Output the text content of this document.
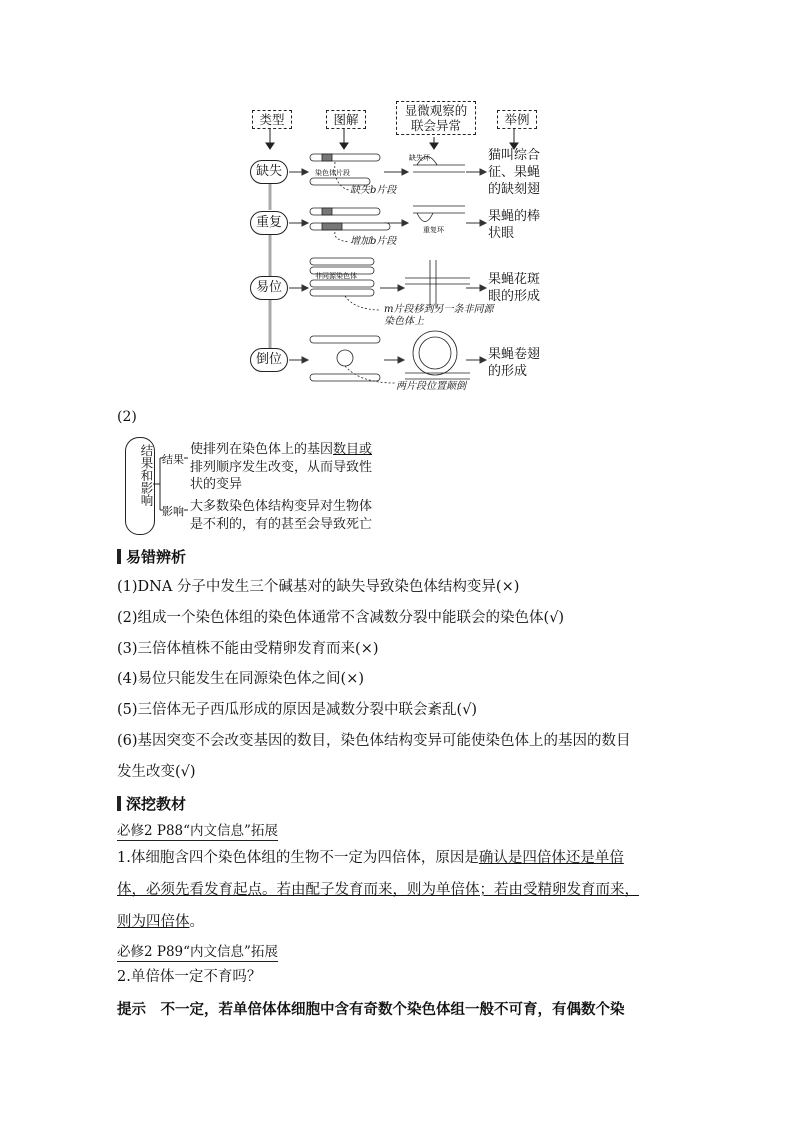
类型	图解
显微观察的联会异常	举例
缺失
重复
易位
倒位
缺失环
重复环
染色体片段
非同源染色体
缺失b片段
增加b片段
m片段移到另一条非同源染色体上
两片段位置颠倒
猫叫综合征、果蝇的缺刻翅
果蝇的棒状眼
果蝇花斑眼的形成
果蝇卷翅的形成
(2)
结果和影响 结果
影响
使排列在染色体上的基因数目或
排列顺序发生改变，从而导致性
状的变异
大多数染色体结构变异对生物体
是不利的，有的甚至会导致死亡
易错辨析
(1)DNA 分子中发生三个碱基对的缺失导致染色体结构变异(×)
(2)组成一个染色体组的染色体通常不含减数分裂中能联会的染色体(√)
(3)三倍体植株不能由受精卵发育而来(×)
(4)易位只能发生在同源染色体之间(×)
(5)三倍体无子西瓜形成的原因是减数分裂中联会紊乱(√)
(6)基因突变不会改变基因的数目，染色体结构变异可能使染色体上的基因的数目
发生改变(√)
深挖教材
必修2 P88“内文信息”拓展
1.体细胞含四个染色体组的生物不一定为四倍体，原因是确认是四倍体还是单倍
体，必须先看发育起点。若由配子发育而来，则为单倍体；若由受精卵发育而来，
则为四倍体。
必修2 P89“内文信息”拓展
2.单倍体一定不育吗？
提示　不一定，若单倍体体细胞中含有奇数个染色体组一般不可育，有偶数个染
